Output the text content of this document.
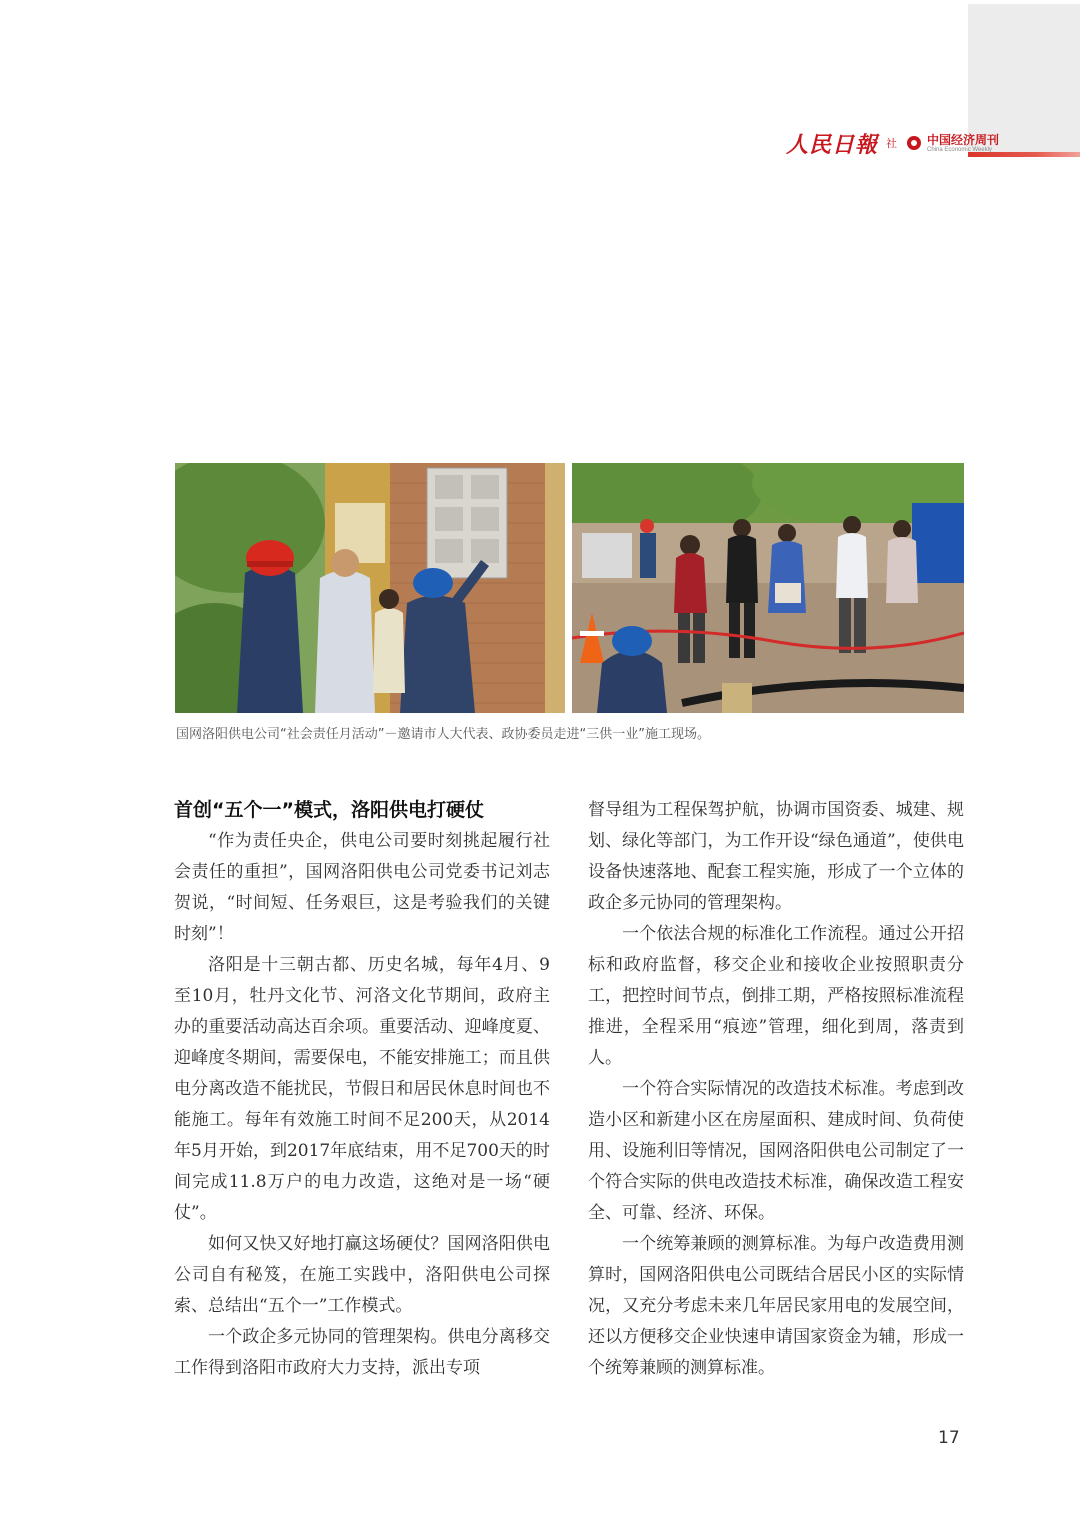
人民日報 社	中国经济周刊
China Economic Weekly
国网洛阳供电公司“社会责任月活动”－邀请市人大代表、政协委员走进“三供一业”施工现场。
首创“五个一”模式，洛阳供电打硬仗

“作为责任央企，供电公司要时刻挑起履行社会责任的重担”，国网洛阳供电公司党委书记刘志贺说，“时间短、任务艰巨，这是考验我们的关键时刻”！

洛阳是十三朝古都、历史名城，每年4月、9至10月，牡丹文化节、河洛文化节期间，政府主办的重要活动高达百余项。重要活动、迎峰度夏、迎峰度冬期间，需要保电，不能安排施工；而且供电分离改造不能扰民，节假日和居民休息时间也不能施工。每年有效施工时间不足200天，从2014年5月开始，到2017年底结束，用不足700天的时间完成11.8万户的电力改造，这绝对是一场“硬仗”。

如何又快又好地打赢这场硬仗？国网洛阳供电公司自有秘笈，在施工实践中，洛阳供电公司探索、总结出“五个一”工作模式。

一个政企多元协同的管理架构。供电分离移交工作得到洛阳市政府大力支持，派出专项

督导组为工程保驾护航，协调市国资委、城建、规划、绿化等部门，为工作开设“绿色通道”，使供电设备快速落地、配套工程实施，形成了一个立体的政企多元协同的管理架构。

一个依法合规的标准化工作流程。通过公开招标和政府监督，移交企业和接收企业按照职责分工，把控时间节点，倒排工期，严格按照标准流程推进，全程采用“痕迹”管理，细化到周，落责到人。

一个符合实际情况的改造技术标准。考虑到改造小区和新建小区在房屋面积、建成时间、负荷使用、设施利旧等情况，国网洛阳供电公司制定了一个符合实际的供电改造技术标准，确保改造工程安全、可靠、经济、环保。

一个统筹兼顾的测算标准。为每户改造费用测算时，国网洛阳供电公司既结合居民小区的实际情况，又充分考虑未来几年居民家用电的发展空间，还以方便移交企业快速申请国家资金为辅，形成一个统筹兼顾的测算标准。

17
